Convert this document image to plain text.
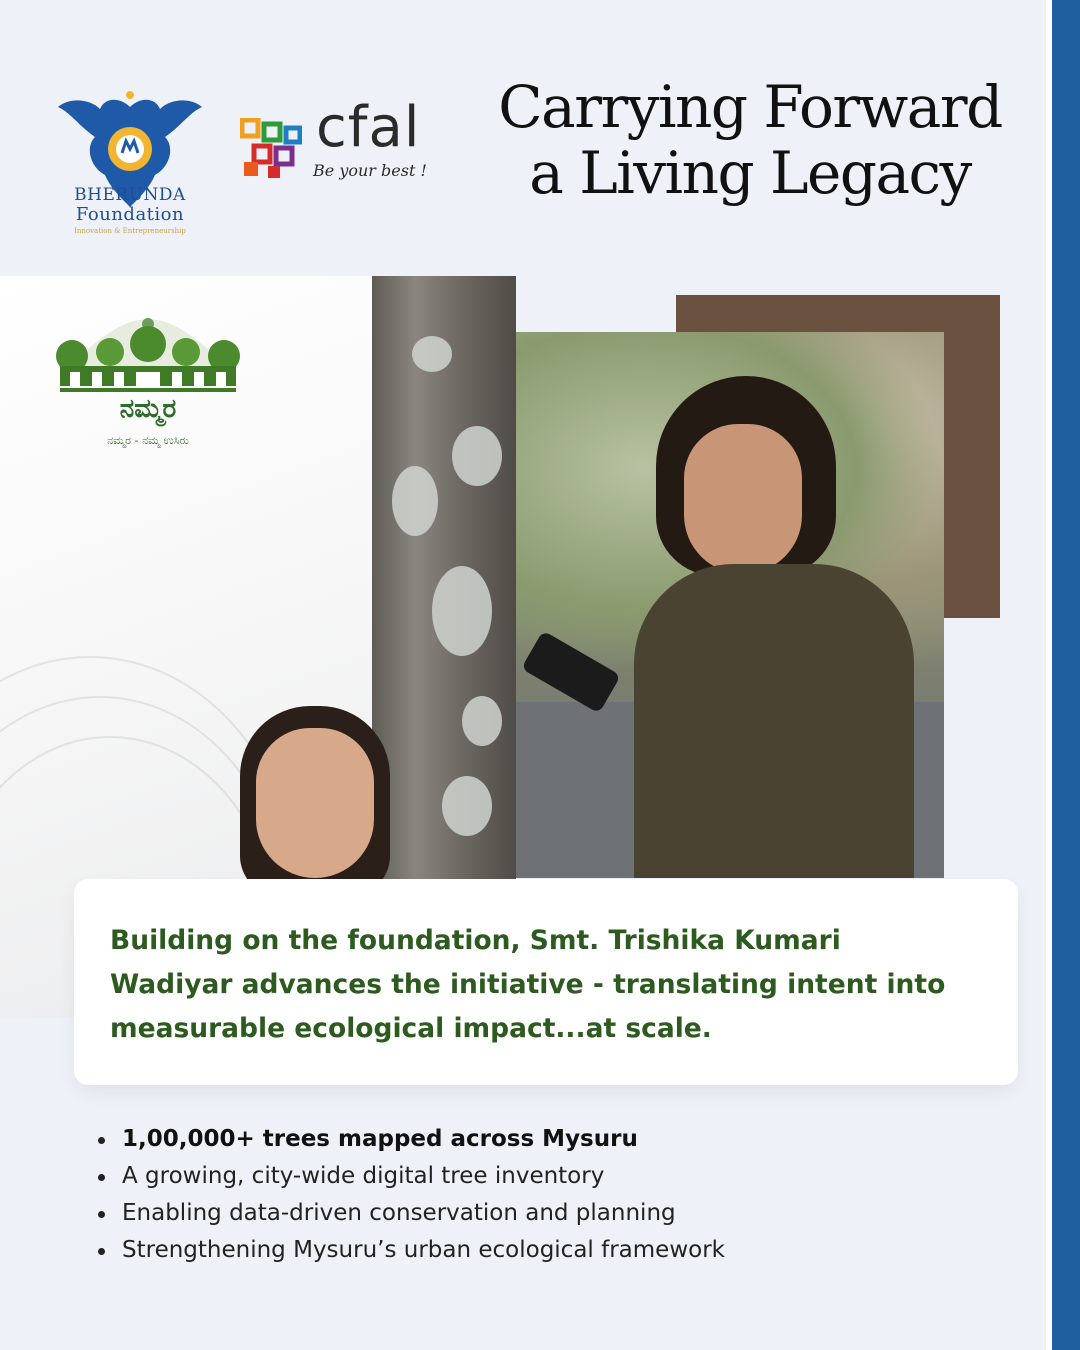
BHERUNDA
Foundation
Innovation & Entrepreneurship
cfal
Be your best !
Carrying Forward
a Living Legacy
ನಮ್ಮರ
ನಮ್ಮರ - ನಮ್ಮ ಉಸಿರು

Building on the foundation, Smt. Trishika Kumari Wadiyar advances the initiative - translating intent into measurable ecological impact...at scale.

1,00,000+ trees mapped across Mysuru
A growing, city-wide digital tree inventory
Enabling data-driven conservation and planning
Strengthening Mysuru’s urban ecological framework
